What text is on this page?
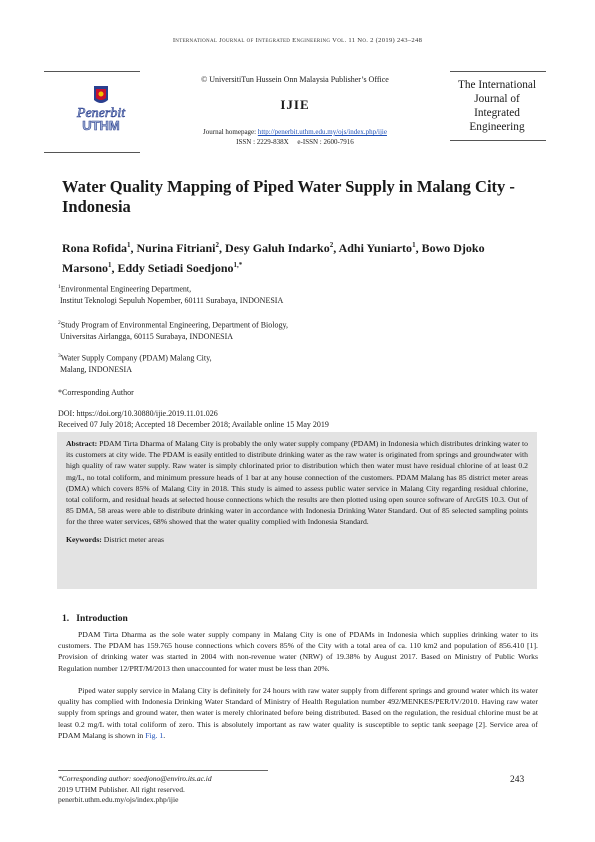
International Journal of Integrated Engineering Vol. 11 No. 2 (2019) 243–248
Penerbit
UTHM
© UniversitiTun Hussein Onn Malaysia Publisher’s Office
IJIE
Journal homepage: http://penerbit.uthm.edu.my/ojs/index.php/ijie
ISSN : 2229-838X     e-ISSN : 2600-7916
The International Journal of Integrated Engineering
Water Quality Mapping of Piped Water Supply in Malang City - Indonesia
Rona Rofida$^1$, Nurina Fitriani$^2$, Desy Galuh Indarko$^2$, Adhi Yuniarto$^1$, Bowo Djoko Marsono$^1$, Eddy Setiadi Soedjono$^{1,*}$
$^1$Environmental Engineering Department,
Institut Teknologi Sepuluh Nopember, 60111 Surabaya, INDONESIA
$^2$Study Program of Environmental Engineering, Department of Biology,
Universitas Airlangga, 60115 Surabaya, INDONESIA
$^3$Water Supply Company (PDAM) Malang City,
Malang, INDONESIA
*Corresponding Author
DOI: https://doi.org/10.30880/ijie.2019.11.01.026
Received 07 July 2018; Accepted 18 December 2018; Available online 15 May 2019
Abstract: PDAM Tirta Dharma of Malang City is probably the only water supply company (PDAM) in Indonesia which distributes drinking water to its customers at city wide. The PDAM is easily entitled to distribute drinking water as the raw water is originated from springs and groundwater with high quality of raw water supply. Raw water is simply chlorinated prior to distribution which then water must have residual chlorine of at least 0.2 mg/L, no total coliform, and minimum pressure heads of 1 bar at any house connection of the customers. PDAM Malang has 85 district meter areas (DMA) which covers 85% of Malang City in 2018. This study is aimed to assess public water service in Malang City regarding residual chlorine, total coliform, and residual heads at selected house connections which the results are then plotted using open source software of ArcGIS 10.3. Out of 85 DMA, 58 areas were able to distribute drinking water in accordance with Indonesia Drinking Water Standard. Out of 85 selected sampling points for the three water services, 68% showed that the water quality complied with Indonesia Standard.
Keywords: District meter areas
1.   Introduction
PDAM Tirta Dharma as the sole water supply company in Malang City is one of PDAMs in Indonesia which supplies drinking water to its customers. The PDAM has 159.765 house connections which covers 85% of the City with a total area of ca. 110 km2 and population of 856.410 [1]. Provision of drinking water was started in 2004 with non-revenue water (NRW) of 19.38% by August 2017. Based on Ministry of Public Works Regulation number 12/PRT/M/2013 then unaccounted for water must be less than 20%.
Piped water supply service in Malang City is definitely for 24 hours with raw water supply from different springs and ground water which its water quality has complied with Indonesia Drinking Water Standard of Ministry of Health Regulation number 492/MENKES/PER/IV/2010. Having raw water supply from springs and ground water, then water is merely chlorinated before being distributed. Based on the regulation, the residual chlorine must be at least 0.2 mg/L with total coliform of zero. This is absolutely important as raw water quality is susceptible to septic tank seepage [2]. Service area of PDAM Malang is shown in Fig. 1.
*Corresponding author: soedjono@enviro.its.ac.id
2019 UTHM Publisher. All right reserved.
penerbit.uthm.edu.my/ojs/index.php/ijie
243
